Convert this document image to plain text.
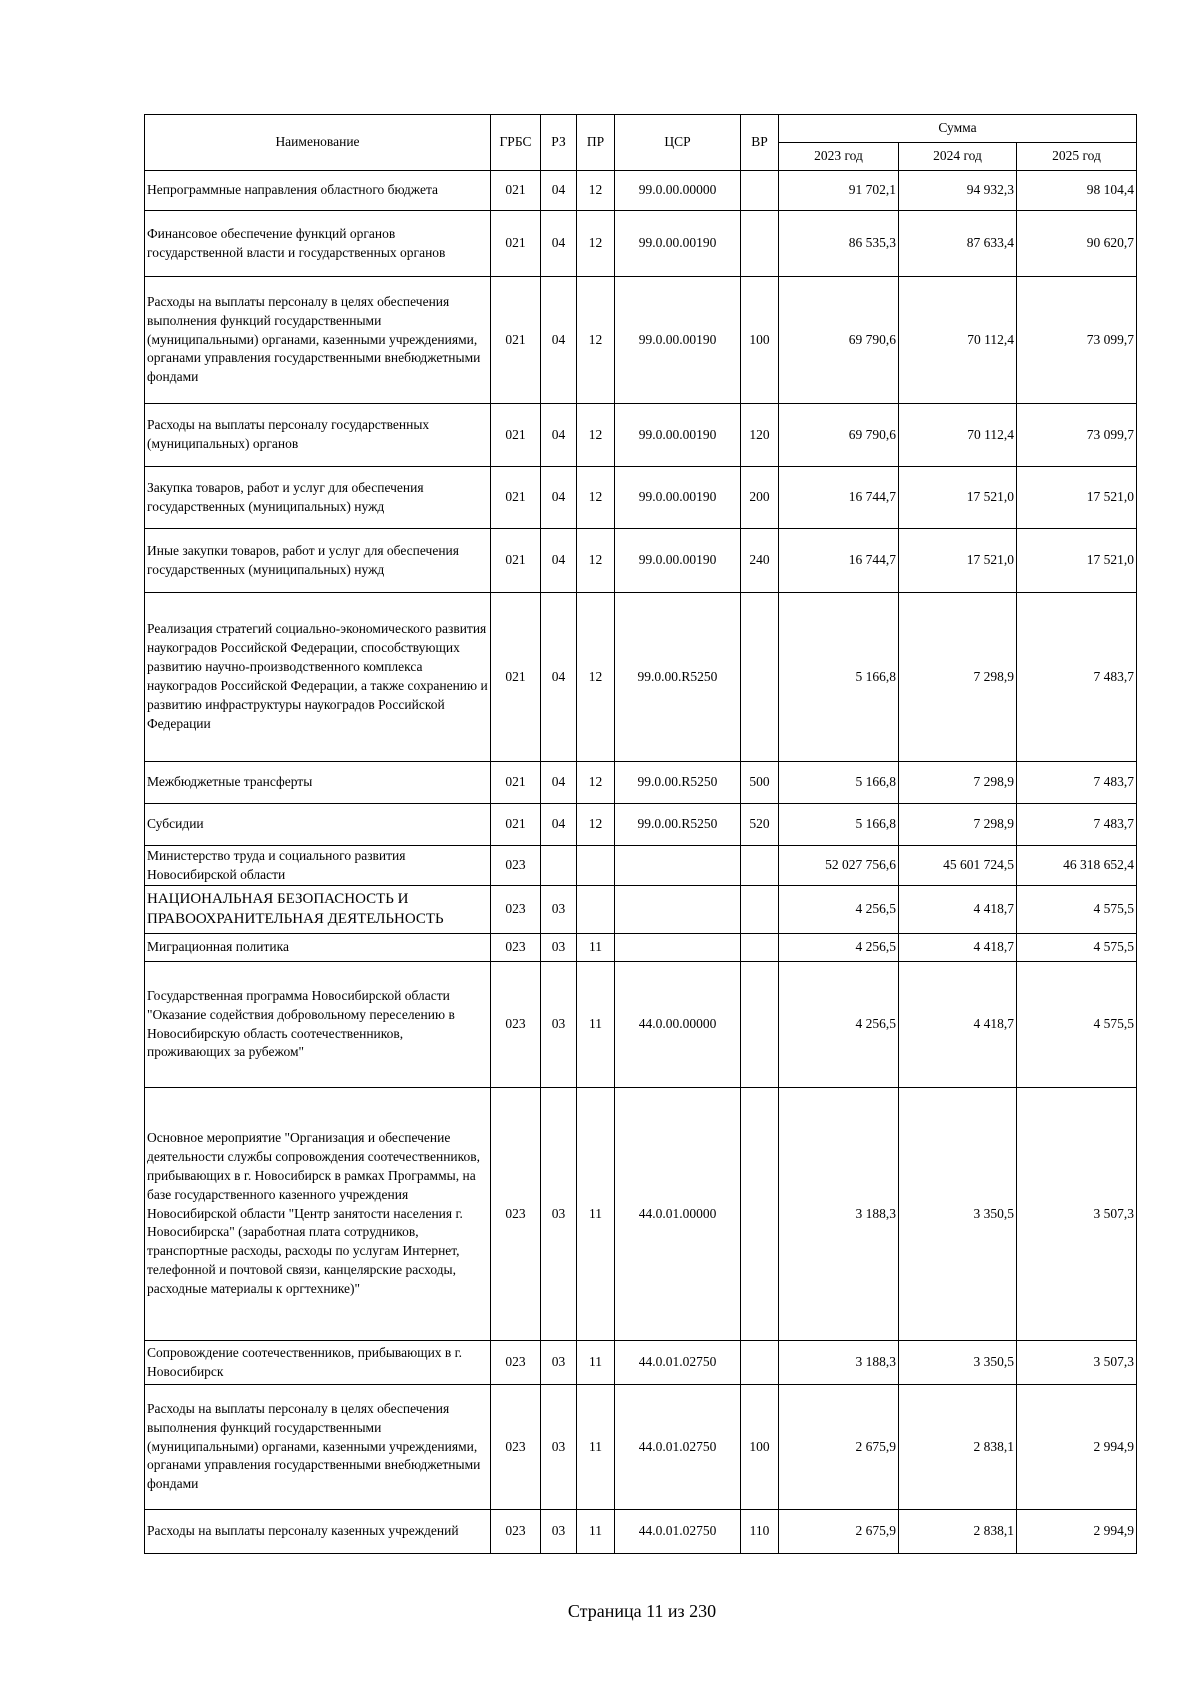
Наименование	ГРБС	РЗ	ПР	ЦСР	ВР	Сумма		
						2023 год	2024 год	2025 год
Непрограммные направления областного бюджета	021	04	12	99.0.00.00000		91 702,1	94 932,3	98 104,4
Финансовое обеспечение функций органов государственной власти и государственных органов	021	04	12	99.0.00.00190		86 535,3	87 633,4	90 620,7
Расходы на выплаты персоналу в целях обеспечения выполнения функций государственными (муниципальными) органами, казенными учреждениями, органами управления государственными внебюджетными фондами	021	04	12	99.0.00.00190	100	69 790,6	70 112,4	73 099,7
Расходы на выплаты персоналу государственных (муниципальных) органов	021	04	12	99.0.00.00190	120	69 790,6	70 112,4	73 099,7
Закупка товаров, работ и услуг для обеспечения государственных (муниципальных) нужд	021	04	12	99.0.00.00190	200	16 744,7	17 521,0	17 521,0
Иные закупки товаров, работ и услуг для обеспечения государственных (муниципальных) нужд	021	04	12	99.0.00.00190	240	16 744,7	17 521,0	17 521,0
Реализация стратегий социально-экономического развития наукоградов Российской Федерации, способствующих развитию научно-производственного комплекса наукоградов Российской Федерации, а также сохранению и развитию инфраструктуры наукоградов Российской Федерации	021	04	12	99.0.00.R5250		5 166,8	7 298,9	7 483,7
Межбюджетные трансферты	021	04	12	99.0.00.R5250	500	5 166,8	7 298,9	7 483,7
Субсидии	021	04	12	99.0.00.R5250	520	5 166,8	7 298,9	7 483,7
Министерство труда и социального развития Новосибирской области	023					52 027 756,6	45 601 724,5	46 318 652,4
НАЦИОНАЛЬНАЯ БЕЗОПАСНОСТЬ И ПРАВООХРАНИТЕЛЬНАЯ ДЕЯТЕЛЬНОСТЬ	023	03				4 256,5	4 418,7	4 575,5
Миграционная политика	023	03	11			4 256,5	4 418,7	4 575,5
Государственная программа Новосибирской области "Оказание содействия добровольному переселению в Новосибирскую область соотечественников, проживающих за рубежом"	023	03	11	44.0.00.00000		4 256,5	4 418,7	4 575,5
Основное мероприятие "Организация и обеспечение деятельности службы сопровождения соотечественников, прибывающих в г. Новосибирск в рамках Программы, на базе государственного казенного учреждения Новосибирской области "Центр занятости населения г. Новосибирска" (заработная плата сотрудников, транспортные расходы, расходы по услугам Интернет, телефонной и почтовой связи, канцелярские расходы, расходные материалы к оргтехнике)"	023	03	11	44.0.01.00000		3 188,3	3 350,5	3 507,3
Сопровождение соотечественников, прибывающих в г. Новосибирск	023	03	11	44.0.01.02750		3 188,3	3 350,5	3 507,3
Расходы на выплаты персоналу в целях обеспечения выполнения функций государственными (муниципальными) органами, казенными учреждениями, органами управления государственными внебюджетными фондами	023	03	11	44.0.01.02750	100	2 675,9	2 838,1	2 994,9
Расходы на выплаты персоналу казенных учреждений	023	03	11	44.0.01.02750	110	2 675,9	2 838,1	2 994,9
Страница 11 из 230
